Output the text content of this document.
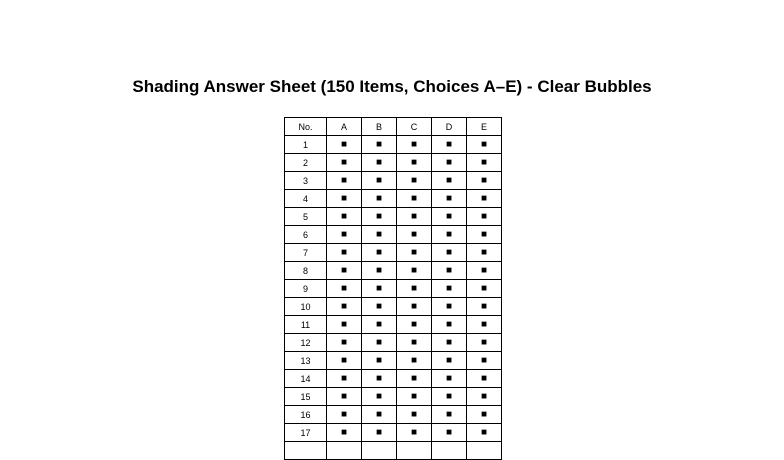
Shading Answer Sheet (150 Items, Choices A–E) - Clear Bubbles
No.	A	B	C	D	E
1	■	■	■	■	■
2	■	■	■	■	■
3	■	■	■	■	■
4	■	■	■	■	■
5	■	■	■	■	■
6	■	■	■	■	■
7	■	■	■	■	■
8	■	■	■	■	■
9	■	■	■	■	■
10	■	■	■	■	■
11	■	■	■	■	■
12	■	■	■	■	■
13	■	■	■	■	■
14	■	■	■	■	■
15	■	■	■	■	■
16	■	■	■	■	■
17	■	■	■	■	■
